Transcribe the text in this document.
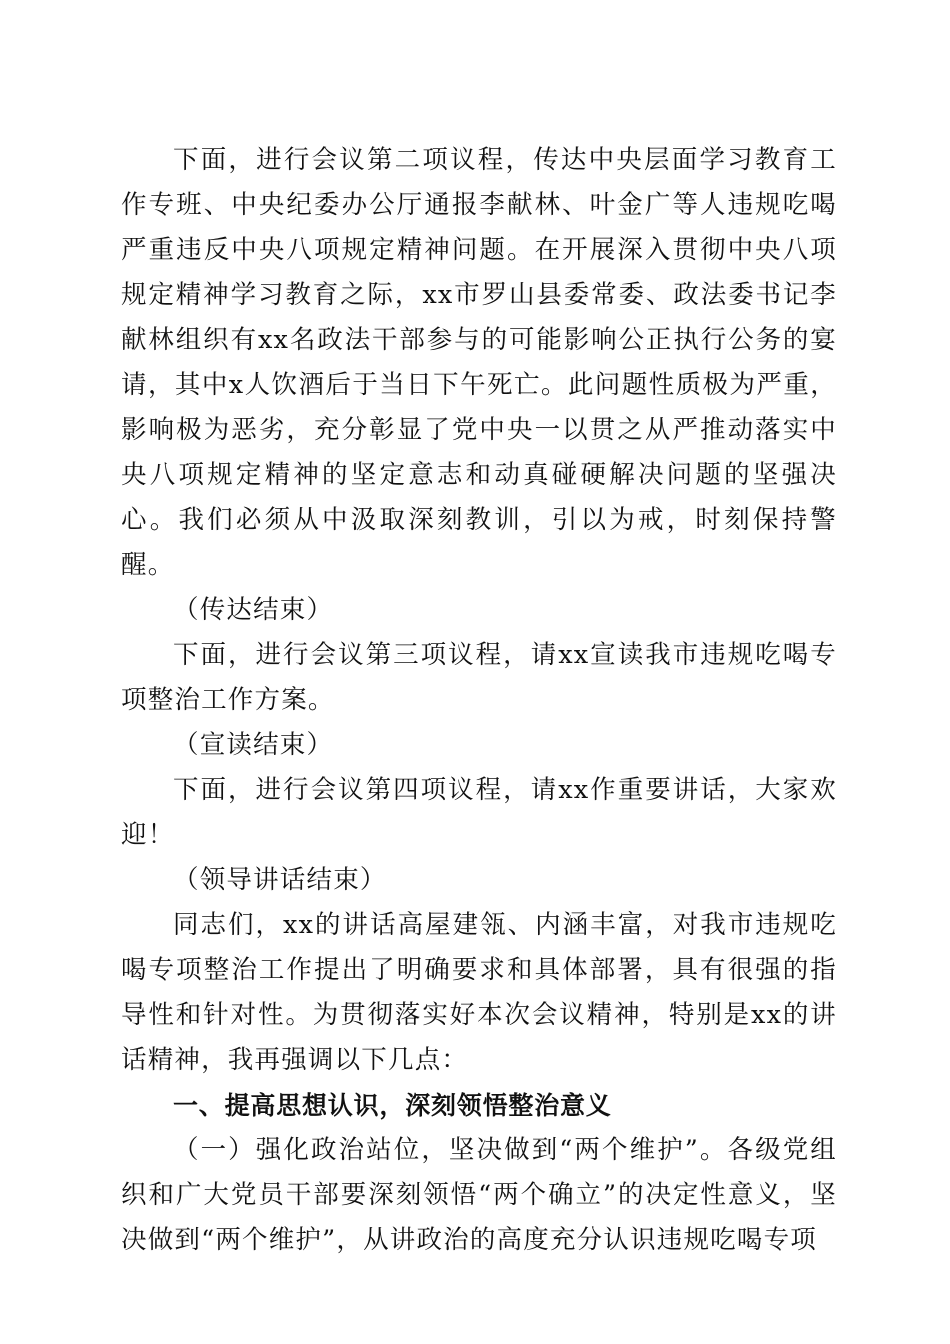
下面，进行会议第二项议程，传达中央层面学习教育工作专班、中央纪委办公厅通报李献林、叶金广等人违规吃喝严重违反中央八项规定精神问题。在开展深入贯彻中央八项规定精神学习教育之际，xx市罗山县委常委、政法委书记李献林组织有xx名政法干部参与的可能影响公正执行公务的宴请，其中x人饮酒后于当日下午死亡。此问题性质极为严重，影响极为恶劣，充分彰显了党中央一以贯之从严推动落实中央八项规定精神的坚定意志和动真碰硬解决问题的坚强决心。我们必须从中汲取深刻教训，引以为戒，时刻保持警醒。

（传达结束）

下面，进行会议第三项议程，请xx宣读我市违规吃喝专项整治工作方案。

（宣读结束）

下面，进行会议第四项议程，请xx作重要讲话，大家欢迎！

（领导讲话结束）

同志们，xx的讲话高屋建瓴、内涵丰富，对我市违规吃喝专项整治工作提出了明确要求和具体部署，具有很强的指导性和针对性。为贯彻落实好本次会议精神，特别是xx的讲话精神，我再强调以下几点：

一、提高思想认识，深刻领悟整治意义

（一）强化政治站位，坚决做到“两个维护”。各级党组织和广大党员干部要深刻领悟“两个确立”的决定性意义，坚决做到“两个维护”，从讲政治的高度充分认识违规吃喝专项
